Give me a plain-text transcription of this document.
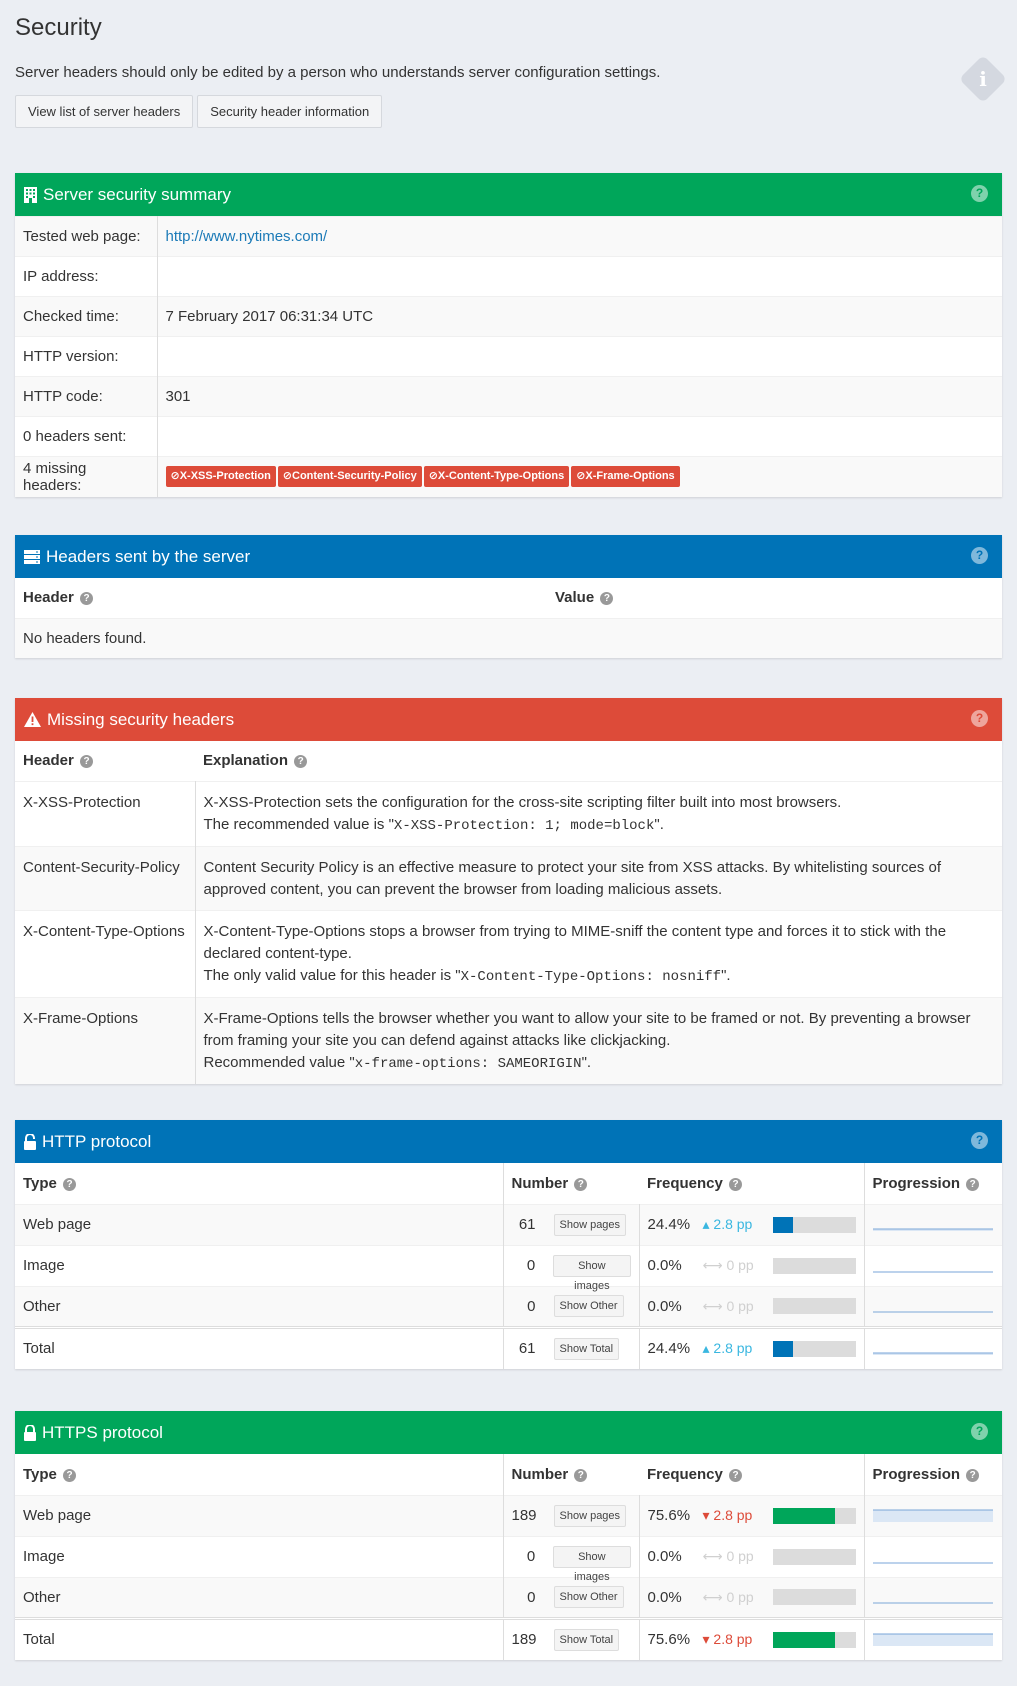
Security

Server headers should only be edited by a person who understands server configuration settings.

View list of server headers	Security header information
i
Server security summary	?
Tested web page:	http://www.nytimes.com/
IP address:	
Checked time:	7 February 2017 06:31:34 UTC
HTTP version:	
HTTP code:	301
0 headers sent:	
4 missing headers:	⊘X-XSS-Protection ⊘Content-Security-Policy ⊘X-Content-Type-Options ⊘X-Frame-Options
Headers sent by the server	?
Header ?	Value ?
No headers found.
Missing security headers	?
Header ?	Explanation ?
X-XSS-Protection	X-XSS-Protection sets the configuration for the cross-site scripting filter built into most browsers.
The recommended value is "X-XSS-Protection: 1; mode=block".

Content-Security-Policy	Content Security Policy is an effective measure to protect your site from XSS attacks. By whitelisting sources of approved content, you can prevent the browser from loading malicious assets.

X-Content-Type-Options	X-Content-Type-Options stops a browser from trying to MIME-sniff the content type and forces it to stick with the declared content-type.
The only valid value for this header is "X-Content-Type-Options: nosniff".

X-Frame-Options	X-Frame-Options tells the browser whether you want to allow your site to be framed or not. By preventing a browser from framing your site you can defend against attacks like clickjacking.
Recommended value "x-frame-options: SAMEORIGIN".
HTTP protocol	?
Type ?	Number ?	Frequency ?	Progression ?
Web page	61 Show pages	24.4% ▴ 2.8 pp

Image	0 Show images	0.0% ⟷ 0 pp

Other	0 Show Other	0.0% ⟷ 0 pp

Total	61 Show Total	24.4% ▴ 2.8 pp

HTTPS protocol	?
Type ?	Number ?	Frequency ?	Progression ?
Web page	189 Show pages	75.6% ▾ 2.8 pp

Image	0 Show images	0.0% ⟷ 0 pp

Other	0 Show Other	0.0% ⟷ 0 pp

Total	189 Show Total	75.6% ▾ 2.8 pp
